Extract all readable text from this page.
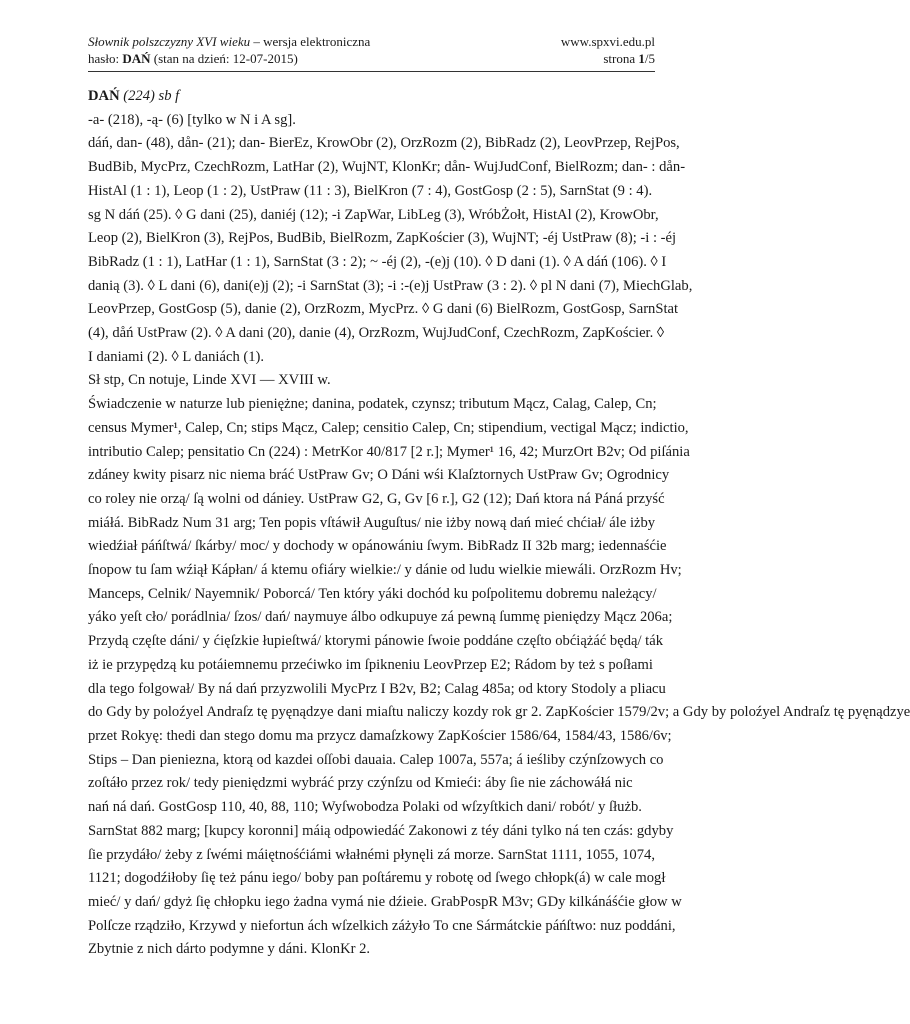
Słownik polszczyzny XVI wieku – wersja elektroniczna	www.spxvi.edu.pl
hasło: DAŃ (stan na dzień: 12-07-2015)	strona 1/5

DAŃ (224) sb f

-a- (218), -ą- (6) [tylko w N i A sg].
dáń, dan- (48), dån- (21); dan- BierEz, KrowObr (2), OrzRozm (2), BibRadz (2), LeovPrzep, RejPos,
BudBib, MycPrz, CzechRozm, LatHar (2), WujNT, KlonKr; dån- WujJudConf, BielRozm; dan- : dån-
HistAl (1 : 1), Leop (1 : 2), UstPraw (11 : 3), BielKron (7 : 4), GostGosp (2 : 5), SarnStat (9 : 4).
sg N dáń (25). ◊ G dani (25), daniéj (12); -i ZapWar, LibLeg (3), WróbŻołt, HistAl (2), KrowObr,
Leop (2), BielKron (3), RejPos, BudBib, BielRozm, ZapKościer (3), WujNT; -éj UstPraw (8); -i : -éj
BibRadz (1 : 1), LatHar (1 : 1), SarnStat (3 : 2); ~ -éj (2), -(e)j (10). ◊ D dani (1). ◊ A dáń (106). ◊ I
danią (3). ◊ L dani (6), dani(e)j (2); -i SarnStat (3); -i :-(e)j UstPraw (3 : 2). ◊ pl N dani (7), MiechGlab,
LeovPrzep, GostGosp (5), danie (2), OrzRozm, MycPrz. ◊ G dani (6) BielRozm, GostGosp, SarnStat
(4), dåń UstPraw (2). ◊ A dani (20), danie (4), OrzRozm, WujJudConf, CzechRozm, ZapKościer. ◊
I daniami (2). ◊ L daniách (1).
Sł stp, Cn notuje, Linde XVI — XVIII w.
Świadczenie w naturze lub pieniężne; danina, podatek, czynsz; tributum Mącz, Calag, Calep, Cn;
census Mymer¹, Calep, Cn; stips Mącz, Calep; censitio Calep, Cn; stipendium, vectigal Mącz; indictio,
intributio Calep; pensitatio Cn (224) : MetrKor 40/817 [2 r.]; Mymer¹ 16, 42; MurzOrt B2v; Od piſánia
zdáney kwity pisarz nic niema bráć UstPraw Gv; O Dáni wśi Klaſztornych UstPraw Gv; Ogrodnicy
co roley nie orzą/ ſą wolni od dániey. UstPraw G2, G, Gv [6 r.], G2 (12); Dań ktora ná Páná przyść
miáłá. BibRadz Num 31 arg; Ten popis vſtáwił Auguſtus/ nie iżby nową dań mieć chćiał/ ále iżby
wiedźiał páńſtwá/ ſkárby/ moc/ y dochody w opánowániu ſwym. BibRadz II 32b marg; iedennaśćie
ſnopow tu ſam wźiął Kápłan/ á ktemu ofiáry wielkie:/ y dánie od ludu wielkie miewáli. OrzRozm Hv;
Manceps, Celnik/ Nayemnik/ Poborcá/ Ten który yáki dochód ku poſpolitemu dobremu należący/
yáko yeſt cło/ porádlnia/ ſzos/ dań/ naymuye álbo odkupuye zá pewną ſummę pieniędzy Mącz 206a;
Przydą częſte dáni/ y ćięſzkie łupieſtwá/ ktorymi pánowie ſwoie poddáne częſto obćiążáć będą/ ták
iż ie przypędzą ku potáiemnemu przećiwko im ſpikneniu LeovPrzep E2; Rádom by też s poſłami
dla tego folgował/ By ná dań przyzwolili MycPrz I B2v, B2; Calag 485a; od ktory Stodoly a pliacu
do Gdy by poloźyel Andraſz tę pyęnądzye dani miaſtu naliczy kozdy rok gr 2. ZapKościer 1579/2v; a Gdy by poloźyel Andraſz tę pyęnądzye
przet Rokyę: thedi dan stego domu ma przycz damaſzkowy ZapKościer 1586/64, 1584/43, 1586/6v;
Stips – Dan pieniezna, ktorą od kazdei oſſobi dauaia. Calep 1007a, 557a; á ieśliby czýnſzowych co
zoſtáło przez rok/ tedy pieniędzmi wybráć przy czýnſzu od Kmieći: áby ſie nie záchowáłá nic
nań ná dań. GostGosp 110, 40, 88, 110; Wyſwobodza Polaki od wſzyſtkich dani/ robót/ y ſłużb.
SarnStat 882 marg; [kupcy koronni] máią odpowiedáć Zakonowi z téy dáni tylko ná ten czás: gdyby
ſie przydáło/ żeby z ſwémi máiętnośćiámi włałnémi płynęli zá morze. SarnStat 1111, 1055, 1074,
1121; dogodźiłoby ſię też pánu iego/ boby pan poſtáremu y robotę od ſwego chłopk(á) w cale mogł
mieć/ y dań/ gdyż ſię chłopku iego żadna vymá nie dźieie. GrabPospR M3v; GDy kilkánáśćie głow w
Polſcze rządziło, Krzywd y niefortun ách wſzelkich záżyło To cne Sármátckie páńſtwo: nuz poddáni,
Zbytnie z nich dárto podymne y dáni. KlonKr 2.
